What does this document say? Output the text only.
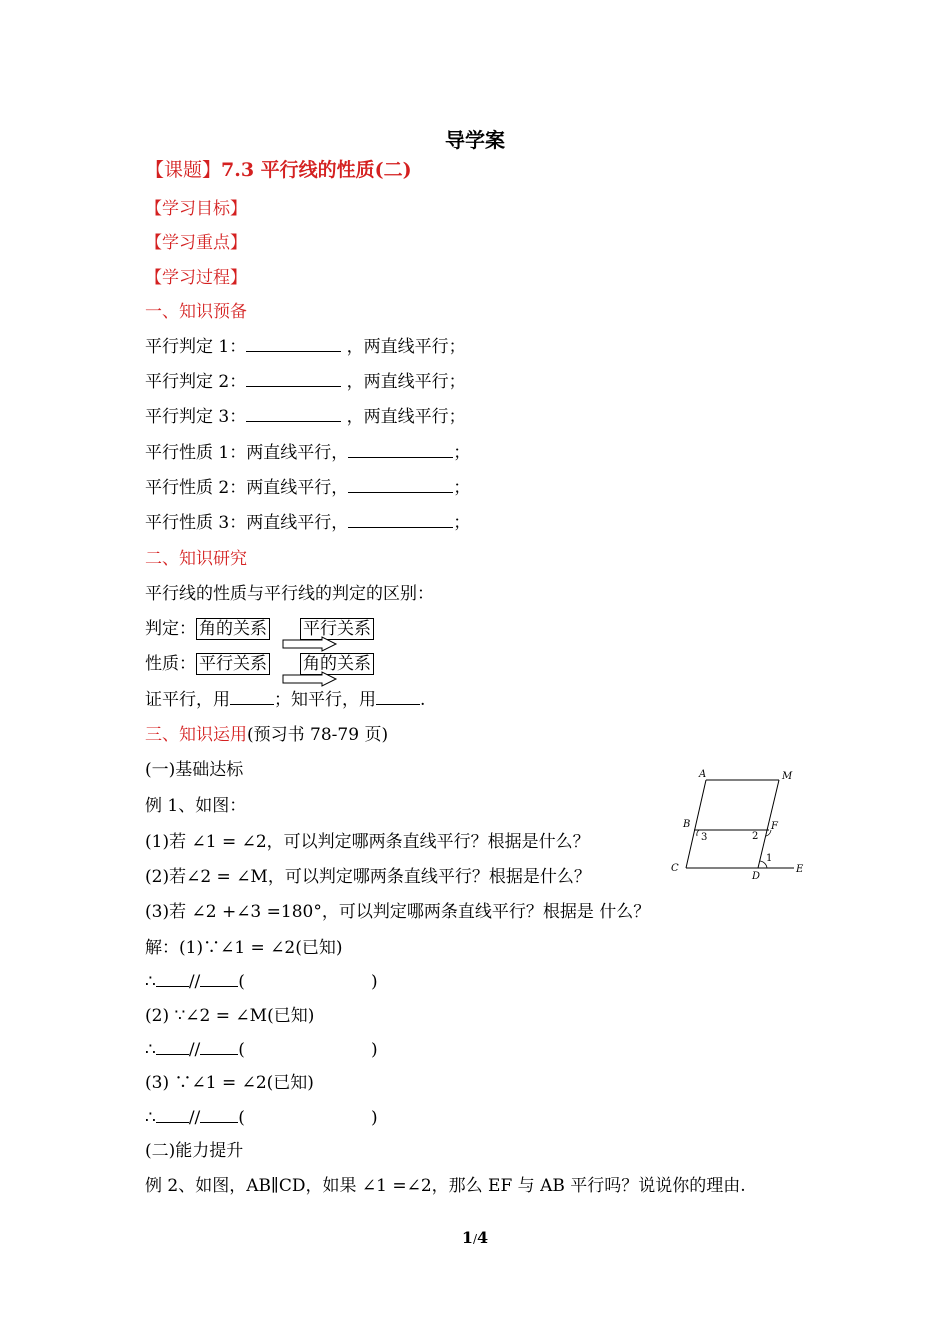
导学案
【课题】7.3 平行线的性质(二)
【学习目标】
【学习重点】
【学习过程】
一、知识预备
平行判定 1：	，两直线平行；
平行判定 2：	，两直线平行；
平行判定 3：	，两直线平行；
平行性质 1：两直线平行，	；
平行性质 2：两直线平行，	；
平行性质 3：两直线平行，	；
二、知识研究
平行线的性质与平行线的判定的区别：
判定： 角的关系 平行关系
性质： 平行关系 角的关系
证平行，用	；知平行，用	.
三、知识运用(预习书 78-79 页)
(一)基础达标
例 1、如图：
(1)若 ∠1 = ∠2，可以判定哪两条直线平行？根据是什么？
(2)若∠2 = ∠M，可以判定哪两条直线平行？根据是什么？
(3)若 ∠2 +∠3 =180°，可以判定哪两条直线平行？根据是 什么？
解：(1)∵∠1 = ∠2(已知)
∴ // (	)
(2) ∵∠2 = ∠M(已知)
∴ // (	)
(3) ∵∠1 = ∠2(已知)
∴ // (	)
(二)能力提升
例 2、如图，AB∥CD，如果 ∠1 =∠2，那么 EF 与 AB 平行吗？说说你的理由.
A	M
B	F
C
D
E
1
2
3
1/4
